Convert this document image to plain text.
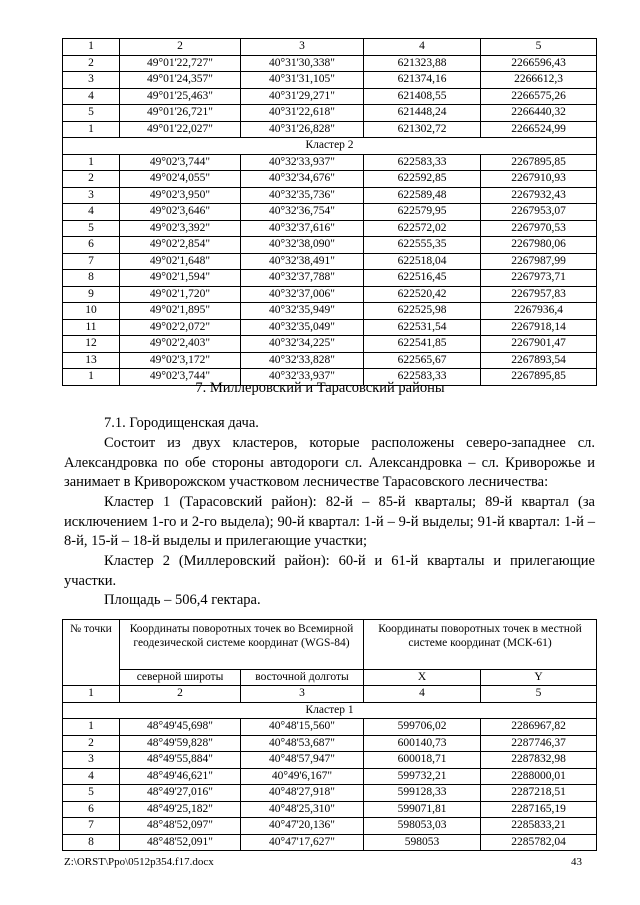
1	2	3	4	5
2	49°01'22,727"	40°31'30,338"	621323,88	2266596,43
3	49°01'24,357"	40°31'31,105"	621374,16	2266612,3
4	49°01'25,463"	40°31'29,271"	621408,55	2266575,26
5	49°01'26,721"	40°31'22,618"	621448,24	2266440,32
1	49°01'22,027"	40°31'26,828"	621302,72	2266524,99
Кластер 2				
1	49°02'3,744"	40°32'33,937"	622583,33	2267895,85
2	49°02'4,055"	40°32'34,676"	622592,85	2267910,93
3	49°02'3,950"	40°32'35,736"	622589,48	2267932,43
4	49°02'3,646"	40°32'36,754"	622579,95	2267953,07
5	49°02'3,392"	40°32'37,616"	622572,02	2267970,53
6	49°02'2,854"	40°32'38,090"	622555,35	2267980,06
7	49°02'1,648"	40°32'38,491"	622518,04	2267987,99
8	49°02'1,594"	40°32'37,788"	622516,45	2267973,71
9	49°02'1,720"	40°32'37,006"	622520,42	2267957,83
10	49°02'1,895"	40°32'35,949"	622525,98	2267936,4
11	49°02'2,072"	40°32'35,049"	622531,54	2267918,14
12	49°02'2,403"	40°32'34,225"	622541,85	2267901,47
13	49°02'3,172"	40°32'33,828"	622565,67	2267893,54
1	49°02'3,744"	40°32'33,937"	622583,33	2267895,85
7. Миллеровский и Тарасовский районы
7.1. Городищенская дача.
Состоит из двух кластеров, которые расположены северо-западнее сл. Александровка по обе стороны автодороги сл. Александровка – сл. Криворожье и занимает в Криворожском участковом лесничестве Тарасовского лесничества:
Кластер 1 (Тарасовский район): 82-й – 85-й кварталы; 89-й квартал (за исключением 1-го и 2-го выдела); 90-й квартал: 1-й – 9-й выделы; 91-й квартал: 1-й – 8-й, 15-й – 18-й выделы и прилегающие участки;
Кластер 2 (Миллеровский район): 60-й и 61-й кварталы и прилегающие участки.
Площадь – 506,4 гектара.
№ точки	Координаты поворотных точек во Всемирной геодезической системе координат (WGS-84)		Координаты поворотных точек в местной системе координат (МСК-61)	
	северной широты	восточной долготы	X	Y
1	2	3	4	5
Кластер 1				
1	48°49'45,698"	40°48'15,560"	599706,02	2286967,82
2	48°49'59,828"	40°48'53,687"	600140,73	2287746,37
3	48°49'55,884"	40°48'57,947"	600018,71	2287832,98
4	48°49'46,621"	40°49'6,167"	599732,21	2288000,01
5	48°49'27,016"	40°48'27,918"	599128,33	2287218,51
6	48°49'25,182"	40°48'25,310"	599071,81	2287165,19
7	48°48'52,097"	40°47'20,136"	598053,03	2285833,21
8	48°48'52,091"	40°47'17,627"	598053	2285782,04
Z:\ORST\Ppo\0512p354.f17.docx	43
